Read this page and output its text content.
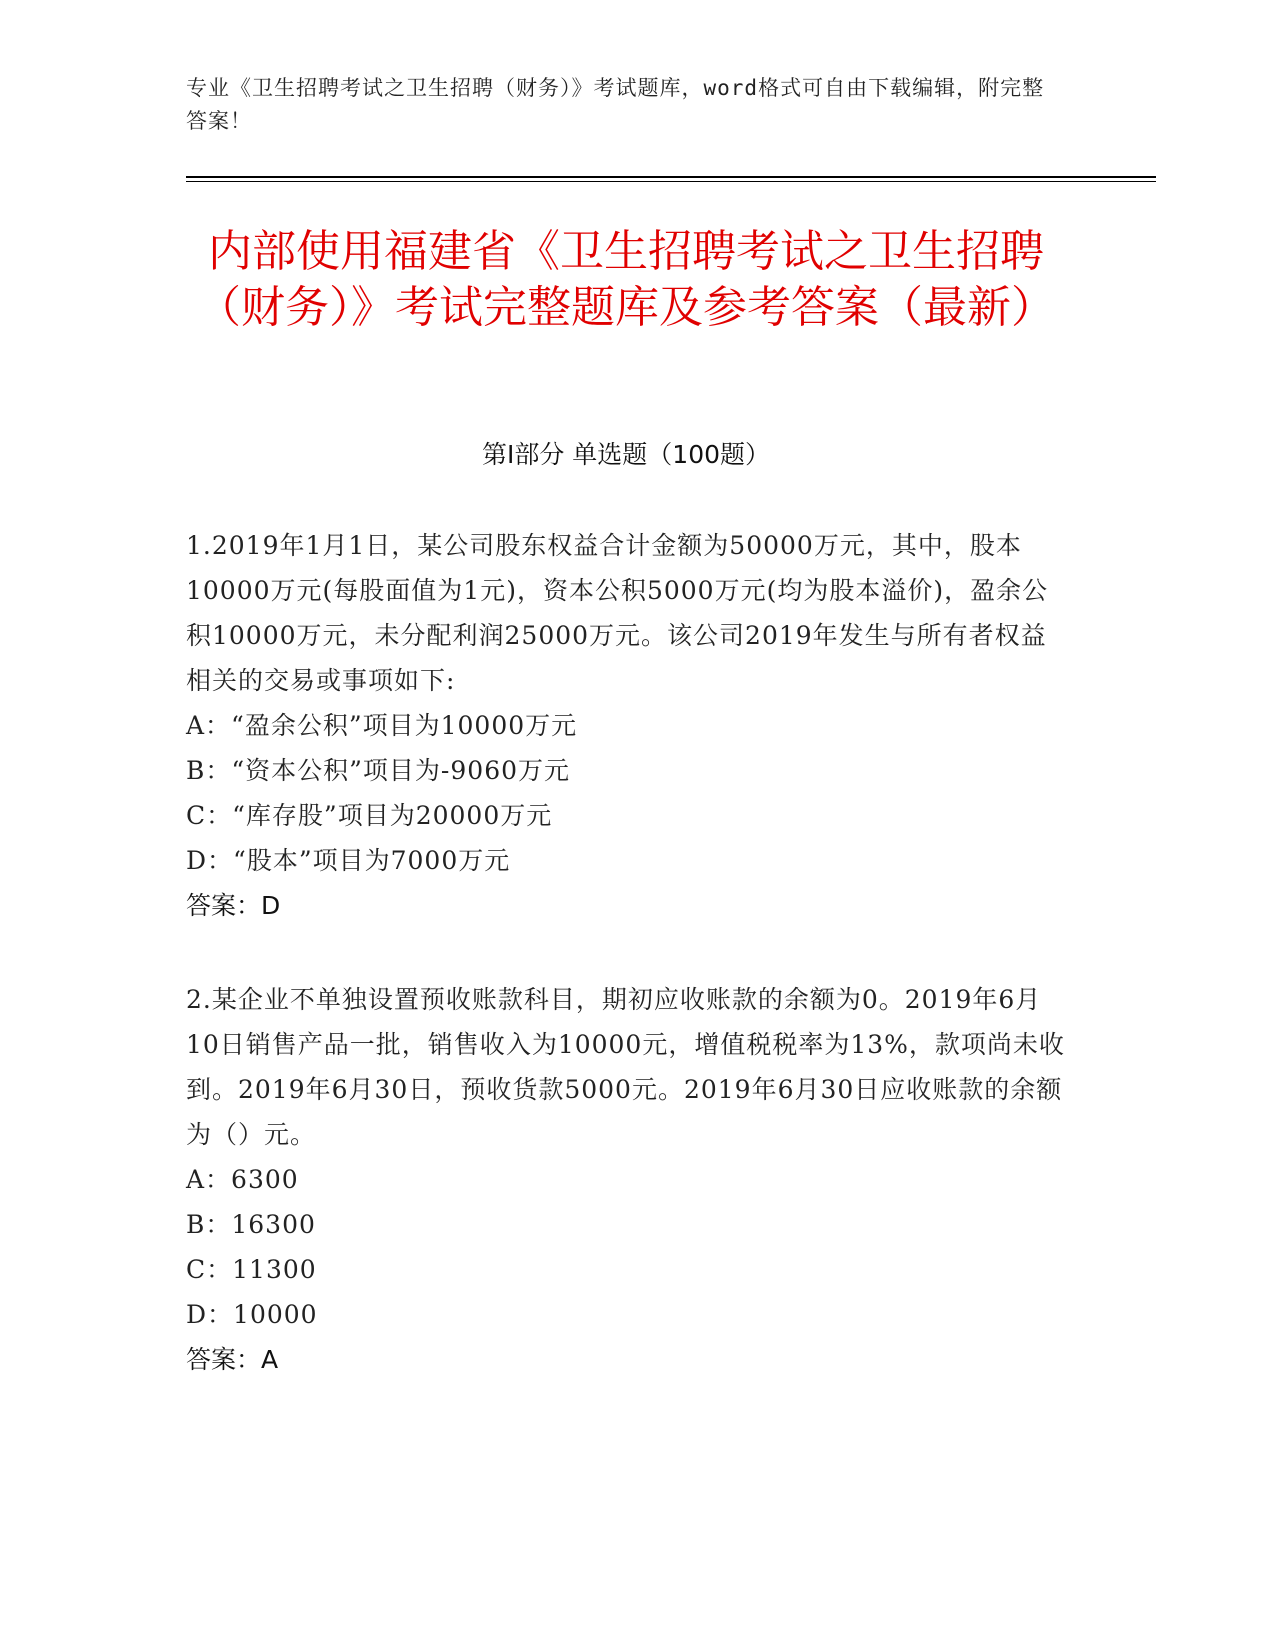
专业《卫生招聘考试之卫生招聘（财务）》考试题库，word格式可自由下载编辑，附完整答案！
内部使用福建省《卫生招聘考试之卫生招聘（财务）》考试完整题库及参考答案（最新）
第I部分 单选题（100题）
1.2019年1月1日，某公司股东权益合计金额为50000万元，其中，股本10000万元(每股面值为1元)，资本公积5000万元(均为股本溢价)，盈余公积10000万元，未分配利润25000万元。该公司2019年发生与所有者权益相关的交易或事项如下:
A：“盈余公积”项目为10000万元
B：“资本公积”项目为-9060万元
C：“库存股”项目为20000万元
D：“股本”项目为7000万元
答案：D
2.某企业不单独设置预收账款科目，期初应收账款的余额为0。2019年6月10日销售产品一批，销售收入为10000元，增值税税率为13%，款项尚未收到。2019年6月30日，预收货款5000元。2019年6月30日应收账款的余额为（）元。
A：6300
B：16300
C：11300
D：10000
答案：A
